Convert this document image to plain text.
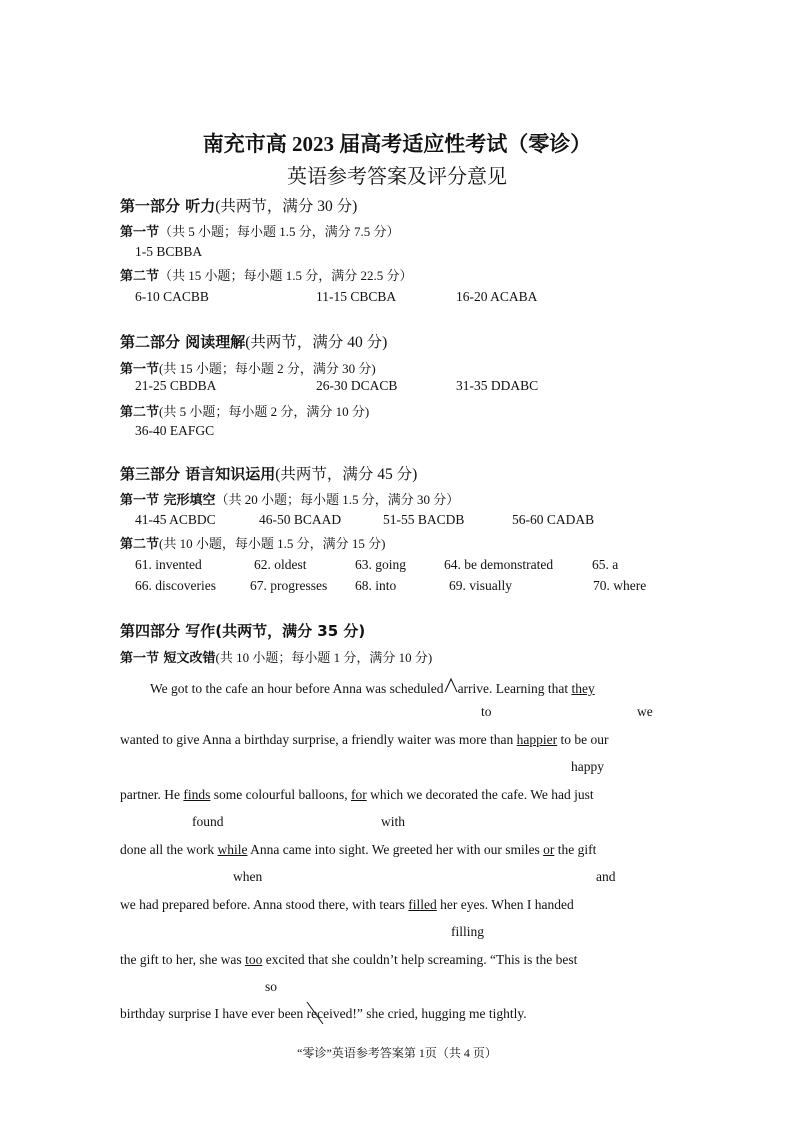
南充市高 2023 届高考适应性考试（零诊）
英语参考答案及评分意见
第一部分 听力(共两节，满分 30 分)
第一节（共 5 小题；每小题 1.5 分，满分 7.5 分）
1-5 BCBBA
第二节（共 15 小题；每小题 1.5 分，满分 22.5 分）
6-10 CACBB	11-15 CBCBA	16-20 ACABA
第二部分 阅读理解(共两节，满分 40 分)
第一节(共 15 小题；每小题 2 分，满分 30 分)
21-25 CBDBA	26-30 DCACB	31-35 DDABC
第二节(共 5 小题；每小题 2 分，满分 10 分)
36-40 EAFGC
第三部分 语言知识运用(共两节，满分 45 分)
第一节 完形填空（共 20 小题；每小题 1.5 分，满分 30 分）
41-45 ACBDC	46-50 BCAAD	51-55 BACDB	56-60 CADAB
第二节(共 10 小题，每小题 1.5 分，满分 15 分)
61. invented	62. oldest	63. going	64. be demonstrated	65. a
66. discoveries	67. progresses 68. into	69. visually	70. where
第四部分 写作(共两节，满分 35 分)
第一节 短文改错(共 10 小题；每小题 1 分，满分 10 分)
We got to the cafe an hour before Anna was scheduled arrive. Learning that they
to	we
wanted to give Anna a birthday surprise, a friendly waiter was more than happier to be our
happy
partner. He finds some colourful balloons, for which we decorated the cafe. We had just
found	with
done all the work while Anna came into sight. We greeted her with our smiles or the gift
when	and
we had prepared before. Anna stood there, with tears filled her eyes. When I handed
filling
the gift to her, she was too excited that she couldn’t help screaming. “This is the best
so
birthday surprise I have ever been received!” she cried, hugging me tightly.
“零诊”英语参考答案第 1页（共 4 页）
